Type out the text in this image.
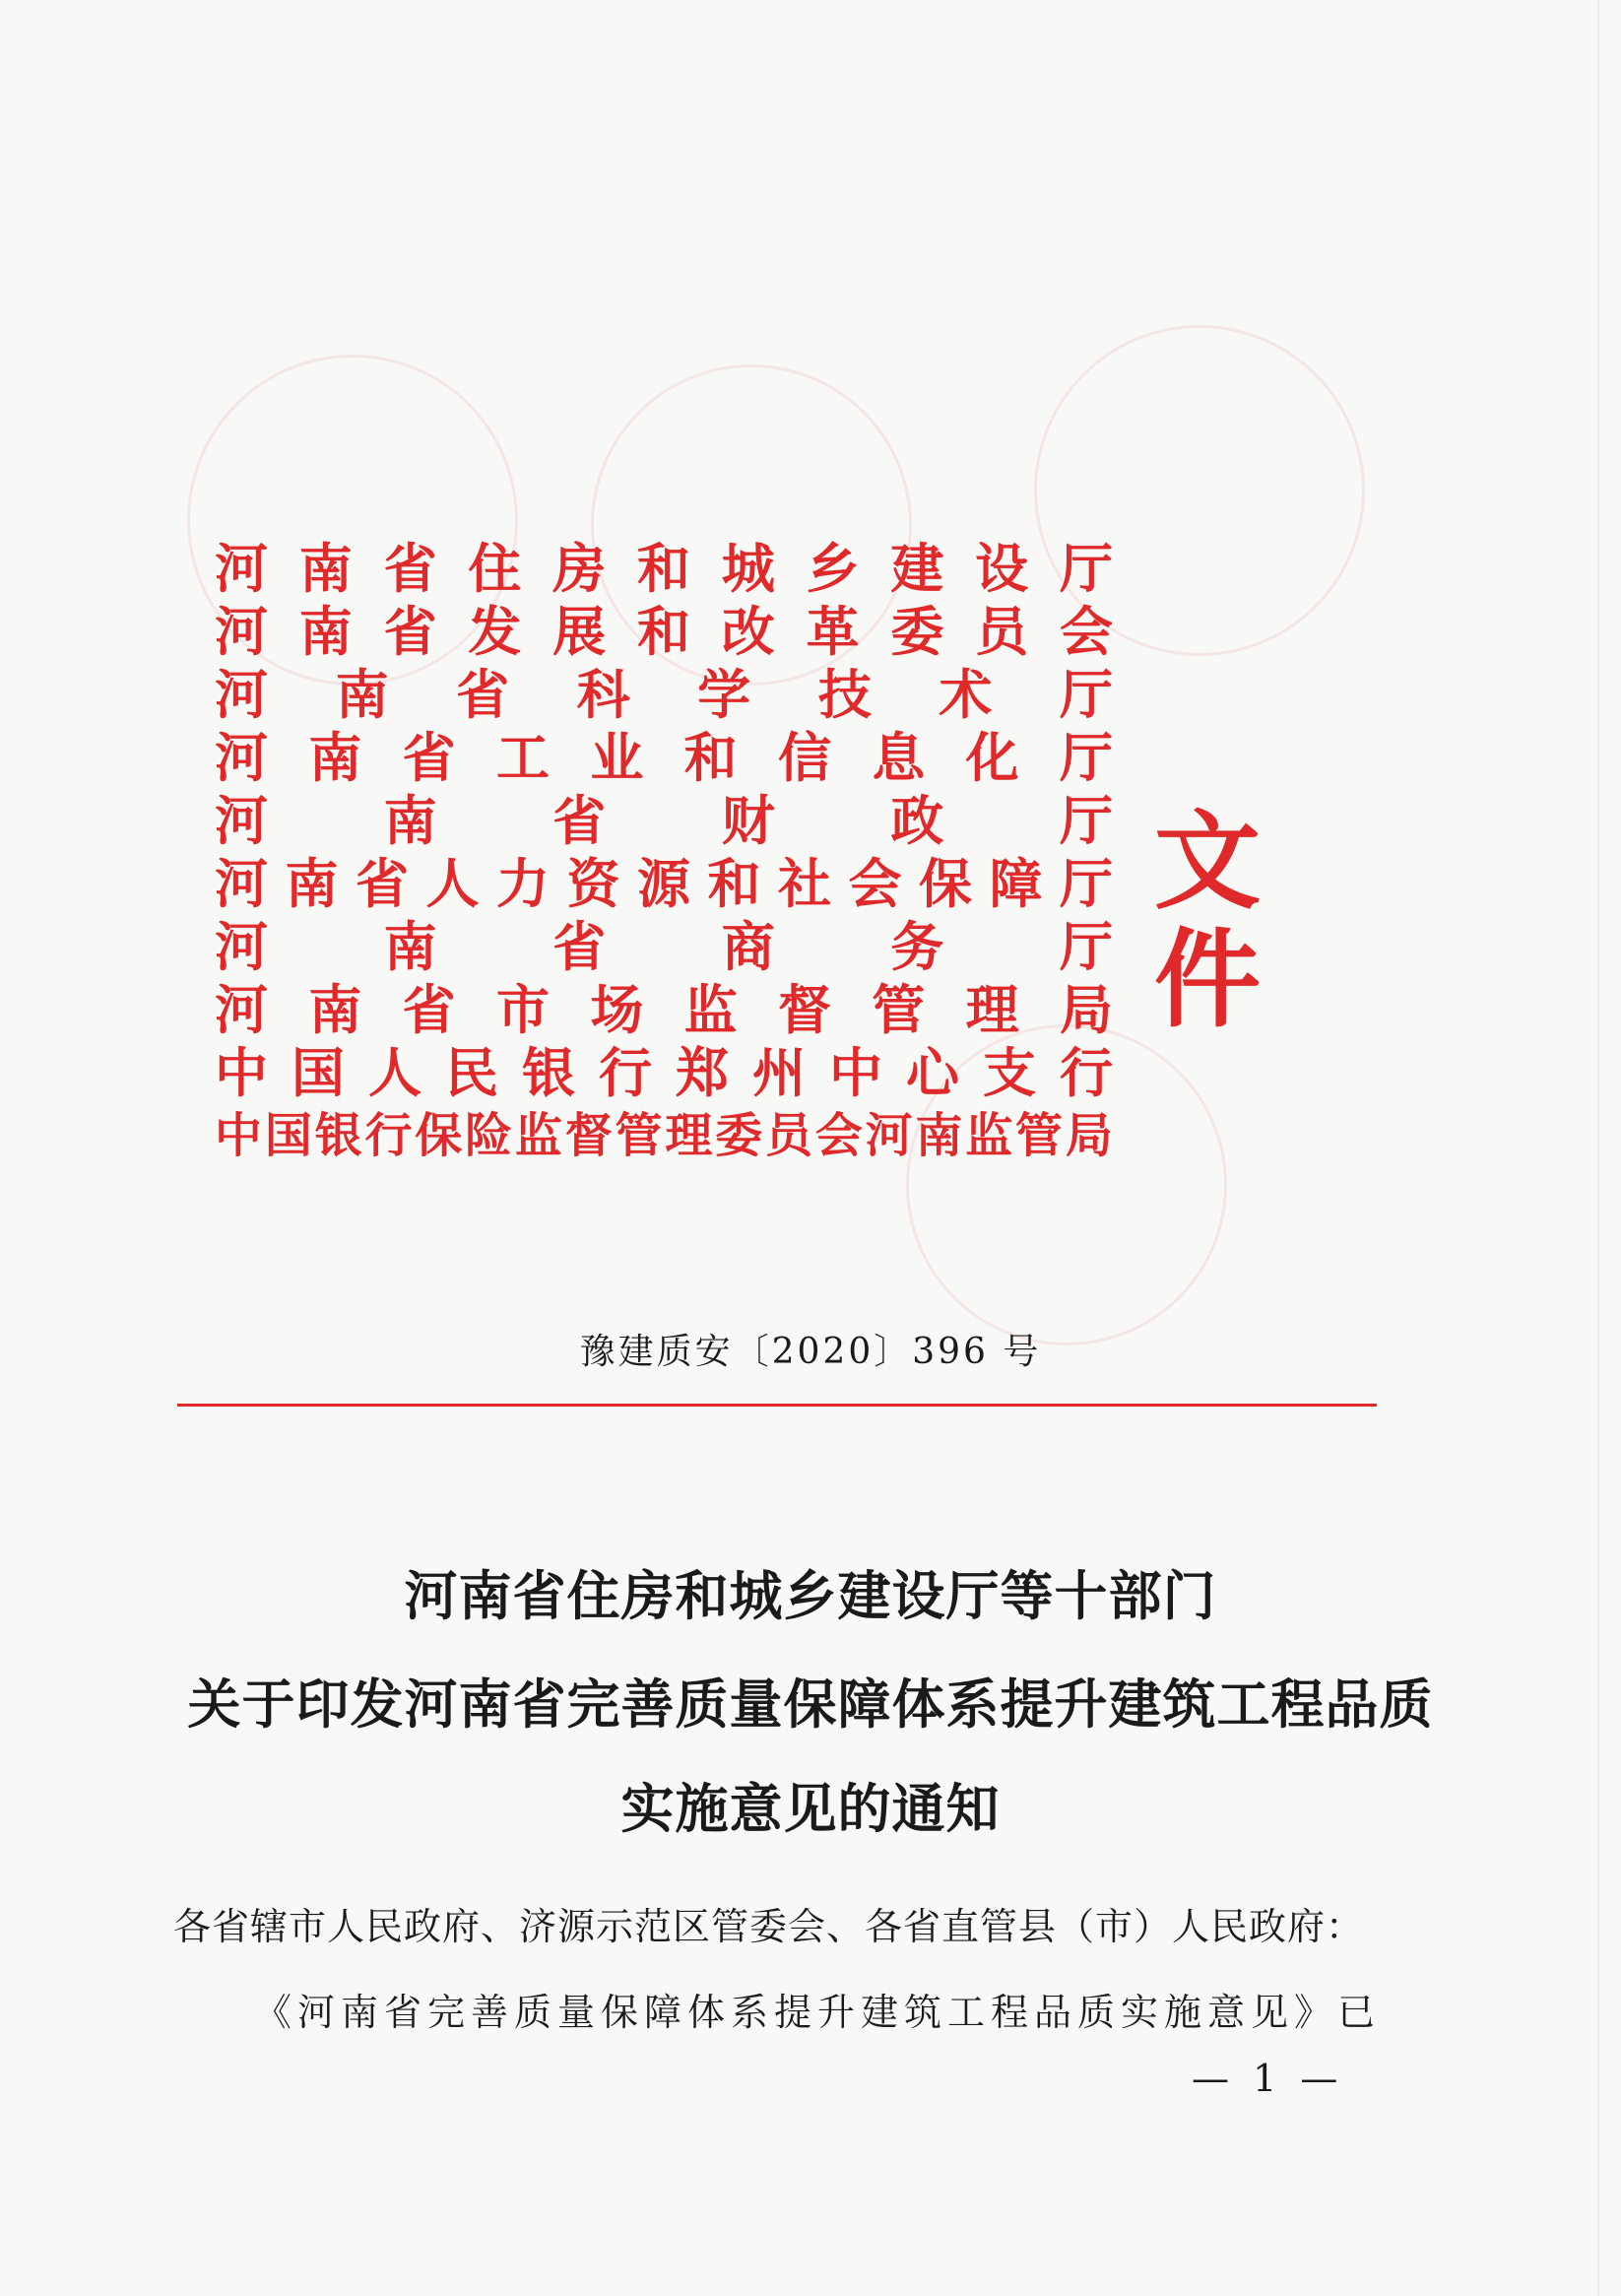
河 南 省 住 房 和 城 乡 建 设 厅
河 南 省 发 展 和 改 革 委 员 会
河 南 省 科 学 技 术 厅
河 南 省 工 业 和 信 息 化 厅
河 南 省 财 政 厅
河 南 省 人 力 资 源 和 社 会 保 障 厅
河 南 省 商 务 厅
河 南 省 市 场 监 督 管 理 局
中 国 人 民 银 行 郑 州 中 心 支 行
中 国 银 行 保 险 监 督 管 理 委 员 会 河 南 监 管 局
文件
豫建质安〔2020〕396 号
河南省住房和城乡建设厅等十部门
关于印发河南省完善质量保障体系提升建筑工程品质
实施意见的通知
各省辖市人民政府、济源示范区管委会、各省直管县（市）人民政府：
《河南省完善质量保障体系提升建筑工程品质实施意见》已
— 1 —
